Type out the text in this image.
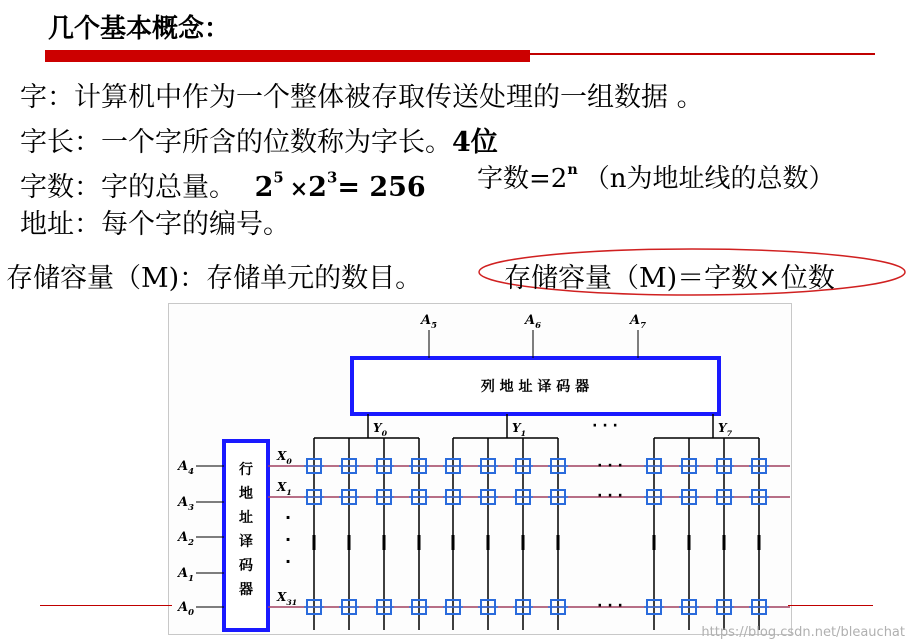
几个基本概念：
字：计算机中作为一个整体被存取传送处理的一组数据 。
字长：一个字所含的位数称为字长。4位
字数：字的总量。 $2^5 \times 2^3= 256$ 字数$=2^n$ （n为地址线的总数）
地址：每个字的编号。
存储容量（M)：存储单元的数目。	存储容量（M)＝字数×位数
列 地 址 译 码 器
$A_5$	$A_6$	$A_7$
行
地
址
译
码
器
$A_4$
$A_3$
$A_2$
$A_1$
$A_0$
$Y_0$	$Y_1$	$Y_7$
$X_0$
$X_1$
$X_{31}$
· · ·
· · ·
· · ·
· · ·
·
·
·
https://blog.csdn.net/bleauchat
